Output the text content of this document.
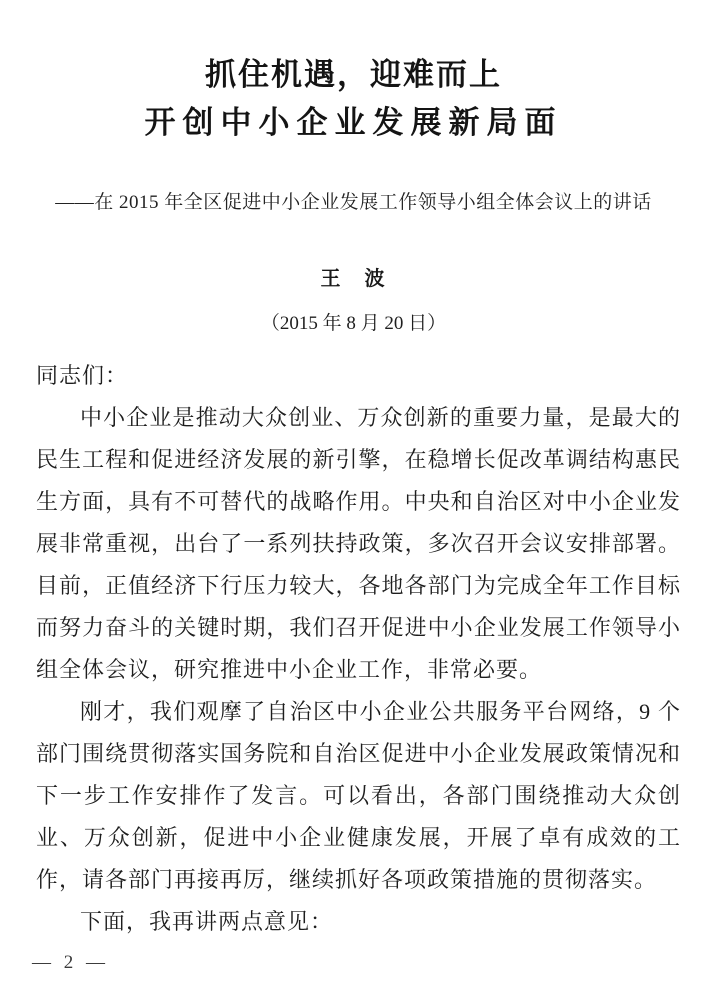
抓住机遇，迎难而上
开创中小企业发展新局面
——在 2015 年全区促进中小企业发展工作领导小组全体会议上的讲话
王　波
（2015 年 8 月 20 日）

同志们：

中小企业是推动大众创业、万众创新的重要力量，是最大的民生工程和促进经济发展的新引擎，在稳增长促改革调结构惠民生方面，具有不可替代的战略作用。中央和自治区对中小企业发展非常重视，出台了一系列扶持政策，多次召开会议安排部署。目前，正值经济下行压力较大，各地各部门为完成全年工作目标而努力奋斗的关键时期，我们召开促进中小企业发展工作领导小组全体会议，研究推进中小企业工作，非常必要。

刚才，我们观摩了自治区中小企业公共服务平台网络，9 个部门围绕贯彻落实国务院和自治区促进中小企业发展政策情况和下一步工作安排作了发言。可以看出，各部门围绕推动大众创业、万众创新，促进中小企业健康发展，开展了卓有成效的工作，请各部门再接再厉，继续抓好各项政策措施的贯彻落实。

下面，我再讲两点意见：

— 2 —
